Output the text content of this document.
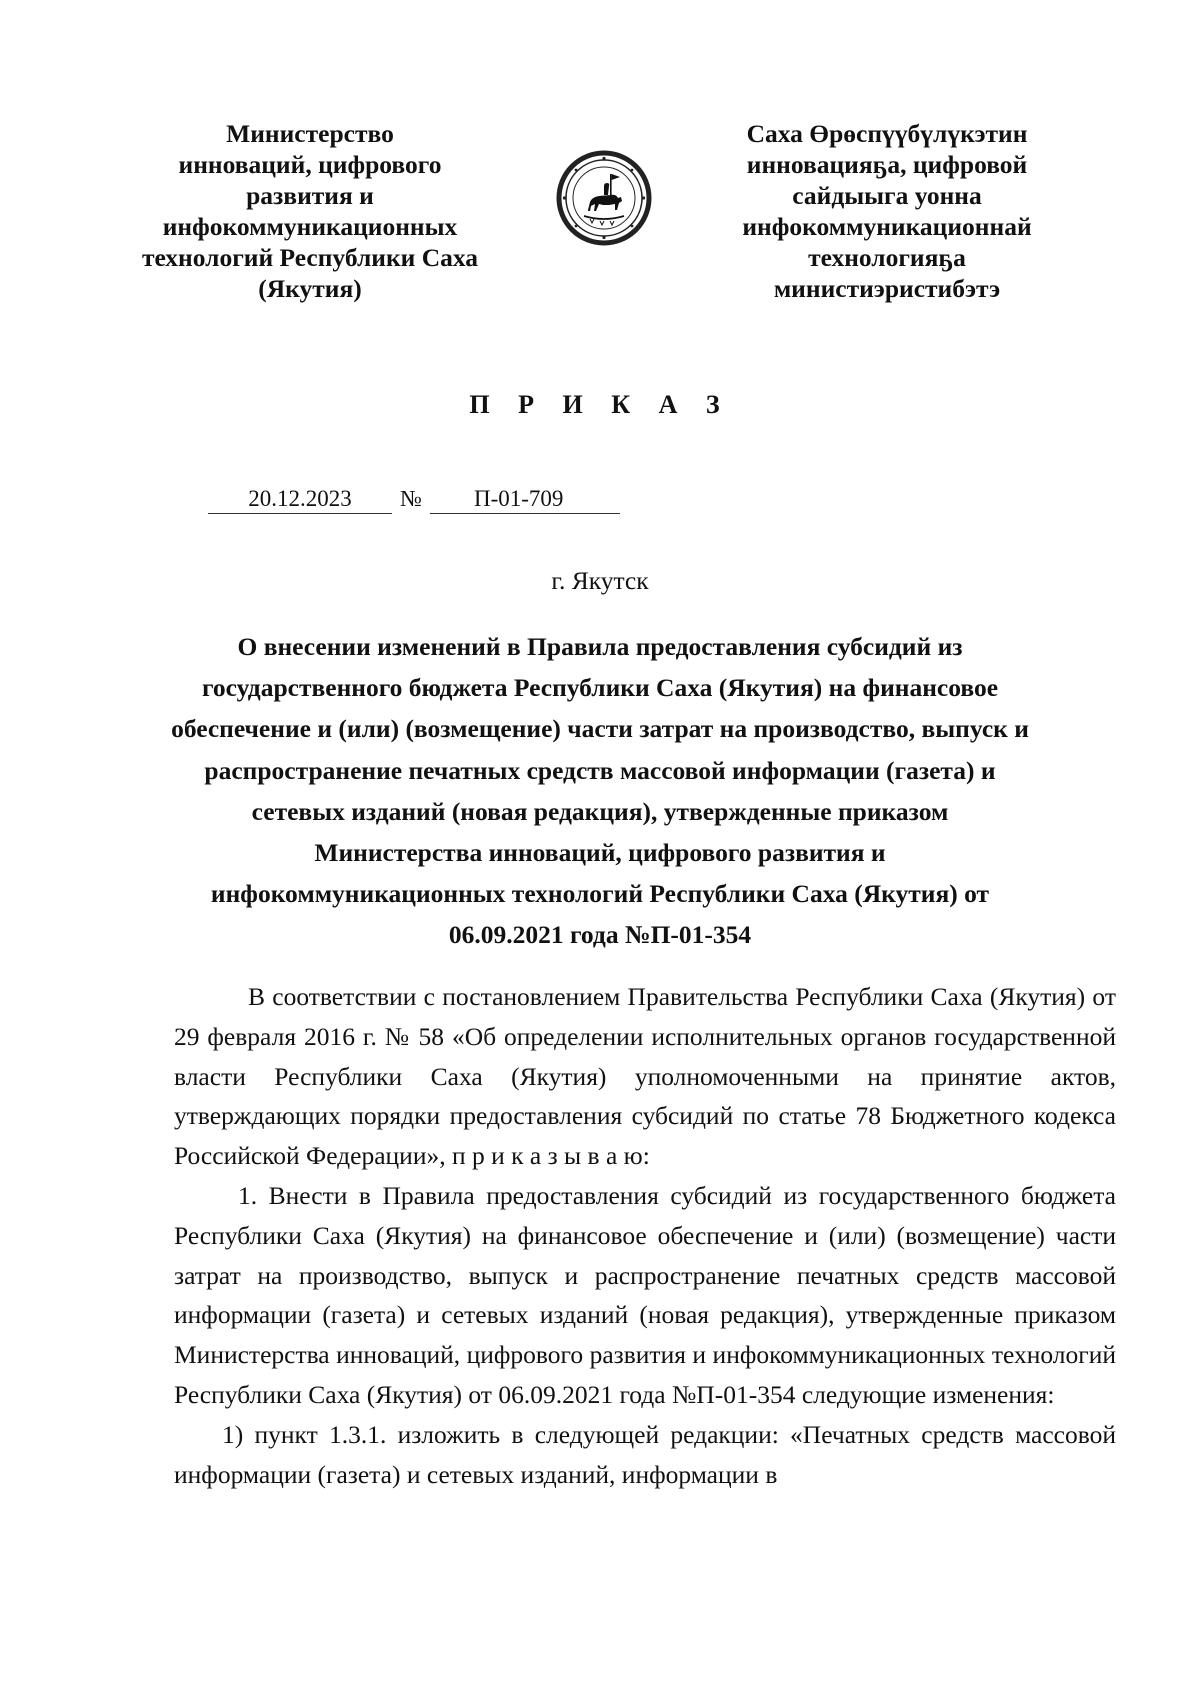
Министерство
инноваций, цифрового
развития и
инфокоммуникационных
технологий Республики Саха
(Якутия)
Саха Өрөспүүбүлүкэтин
инновацияҕа, цифровой
сайдыыга уонна
инфокоммуникационнай
технологияҕа
министиэристибэтэ
П Р И К А З
20.12.2023	№	П-01-709
г. Якутск
О внесении изменений в Правила предоставления субсидий из государственного бюджета Республики Саха (Якутия) на финансовое обеспечение и (или) (возмещение) части затрат на производство, выпуск и распространение печатных средств массовой информации (газета) и сетевых изданий (новая редакция), утвержденные приказом Министерства инноваций, цифрового развития и инфокоммуникационных технологий Республики Саха (Якутия) от 06.09.2021 года №П-01-354

В соответствии с постановлением Правительства Республики Саха (Якутия) от 29 февраля 2016 г. № 58 «Об определении исполнительных органов государственной власти Республики Саха (Якутия) уполномоченными на принятие актов, утверждающих порядки предоставления субсидий по статье 78 Бюджетного кодекса Российской Федерации», п р и к а з ы в а ю:

1. Внести в Правила предоставления субсидий из государственного бюджета Республики Саха (Якутия) на финансовое обеспечение и (или) (возмещение) части затрат на производство, выпуск и распространение печатных средств массовой информации (газета) и сетевых изданий (новая редакция), утвержденные приказом Министерства инноваций, цифрового развития и инфокоммуникационных технологий Республики Саха (Якутия) от 06.09.2021 года №П-01-354 следующие изменения:

1) пункт 1.3.1. изложить в следующей редакции: «Печатных средств массовой информации (газета) и сетевых изданий, информации в
